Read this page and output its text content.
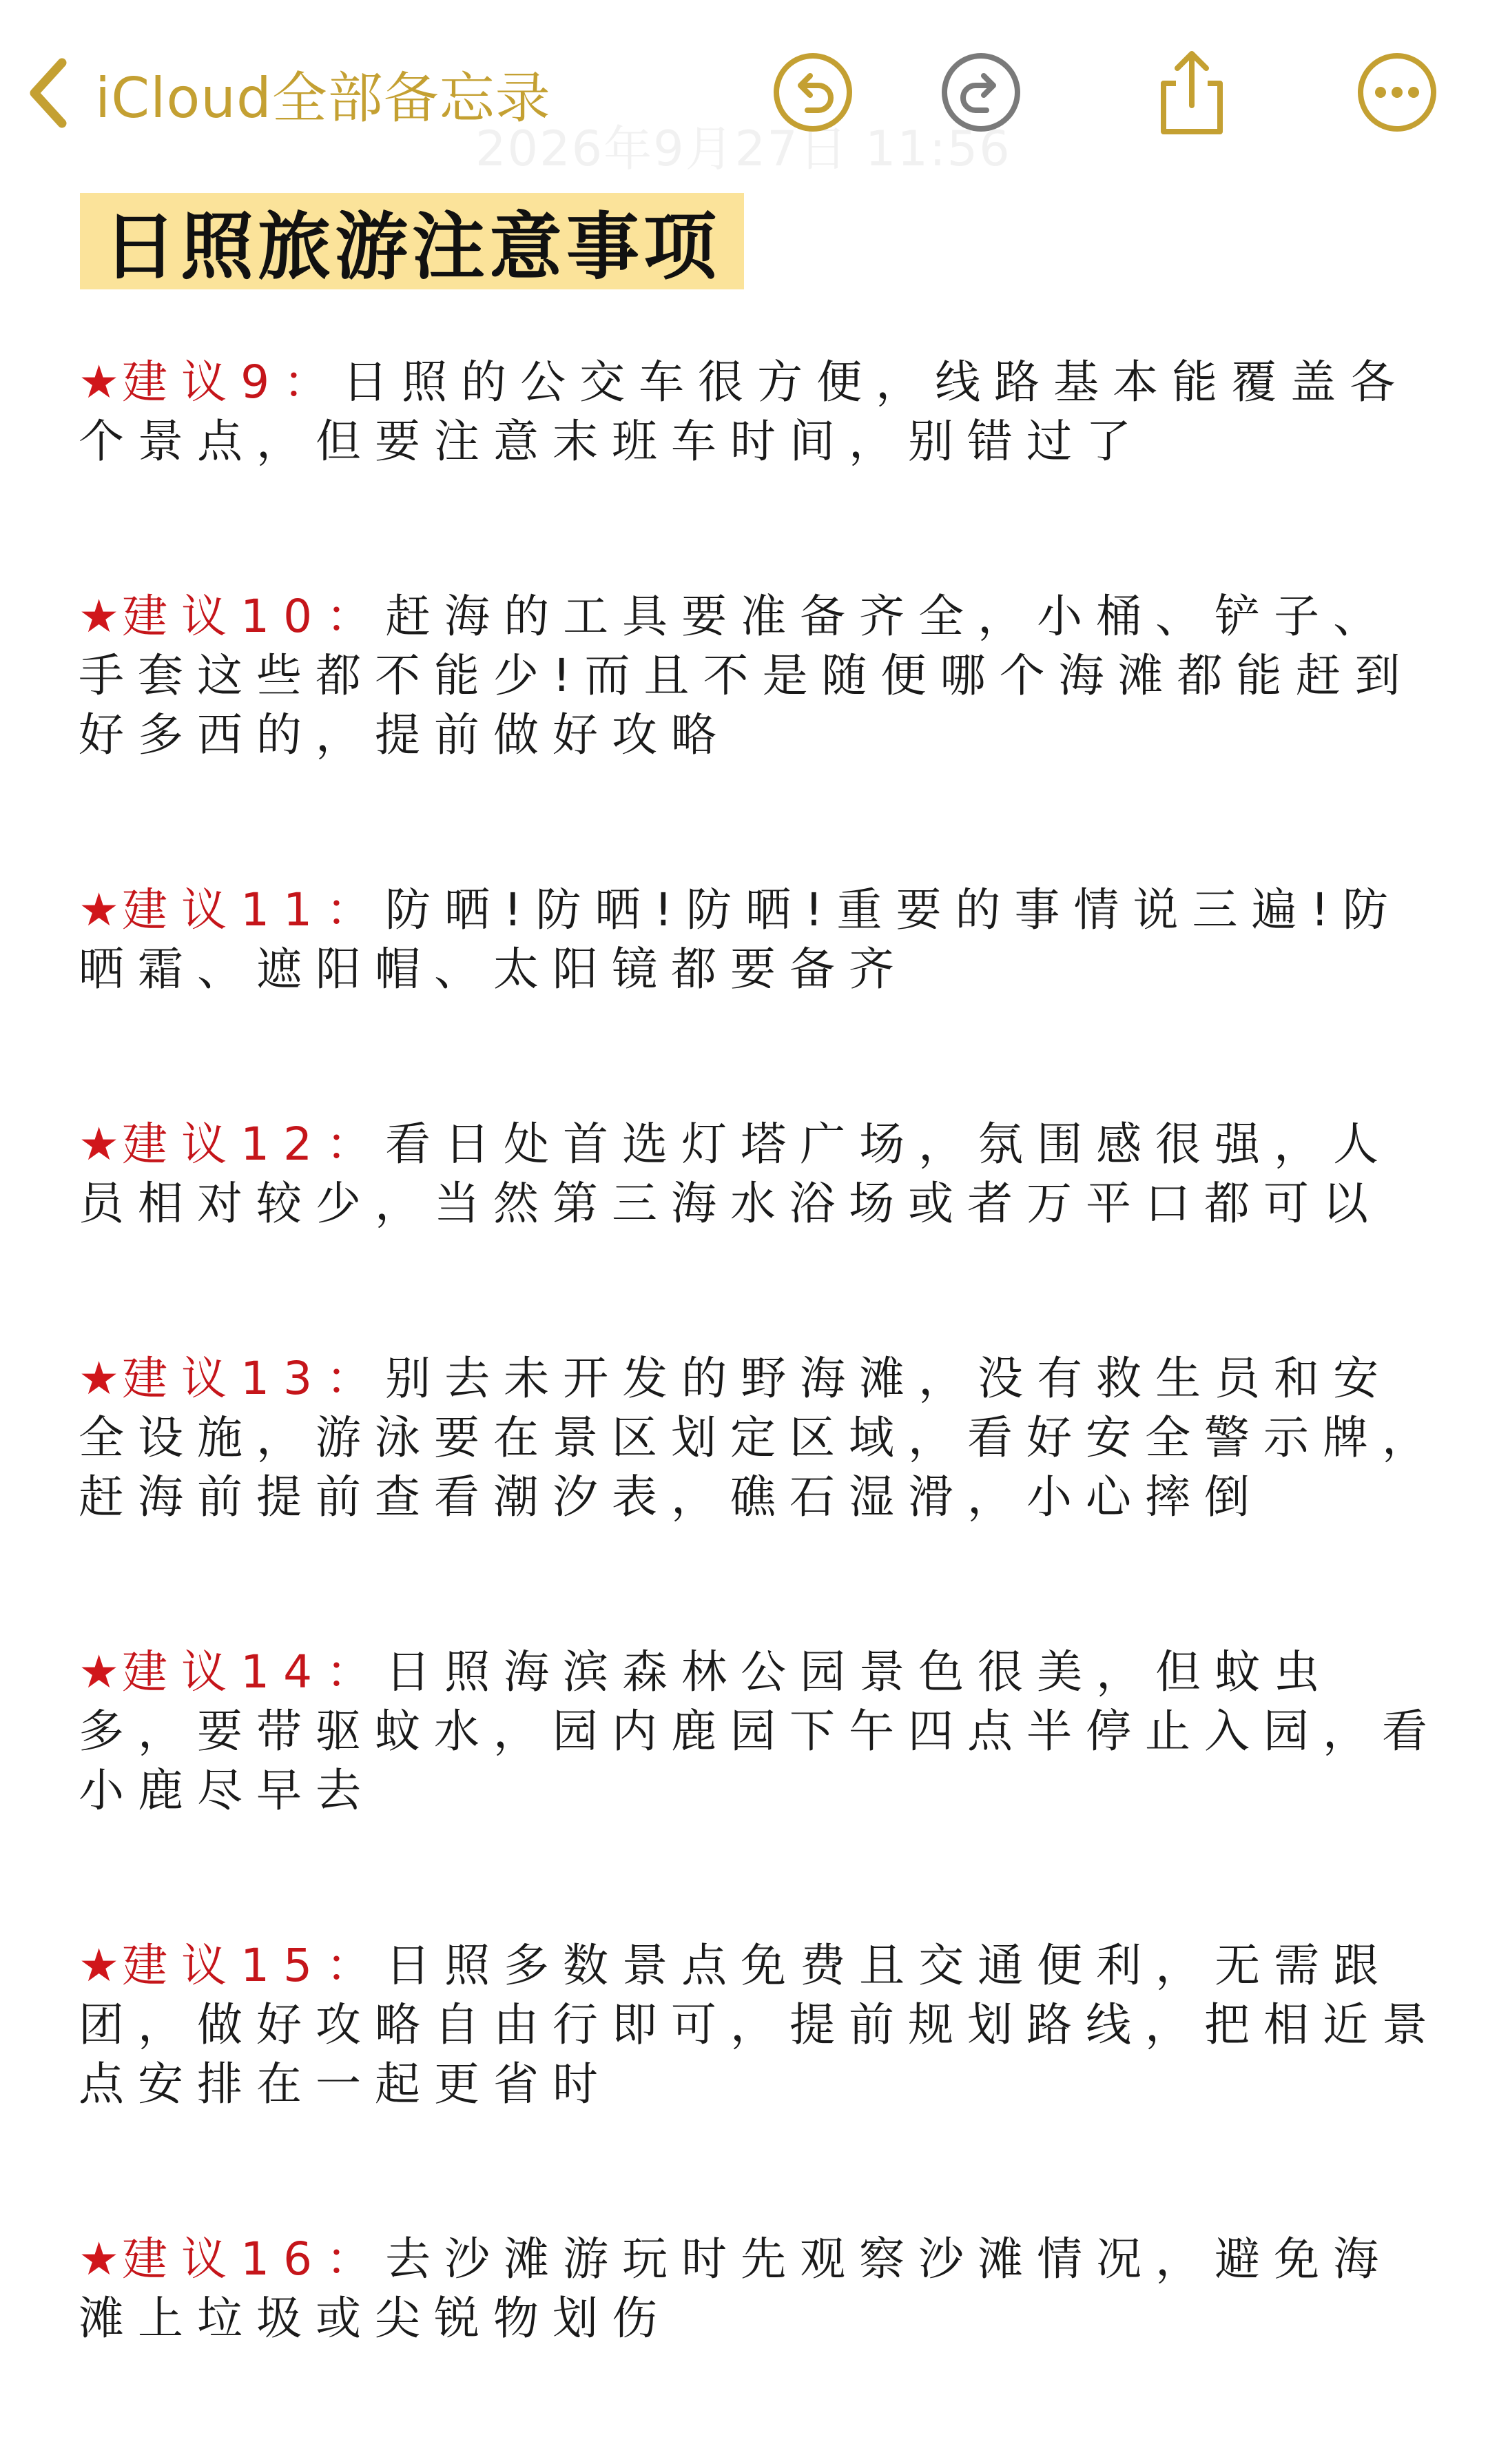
iCloud全部备忘录
2026年9月27日 11:56
日照旅游注意事项

★建议9：日照的公交车很方便，线路基本能覆盖各个景点，但要注意末班车时间，别错过了

★建议10：赶海的工具要准备齐全，小桶、铲子、手套这些都不能少!而且不是随便哪个海滩都能赶到好多西的，提前做好攻略

★建议11：防晒!防晒!防晒!重要的事情说三遍!防晒霜、遮阳帽、太阳镜都要备齐

★建议12：看日处首选灯塔广场，氛围感很强，人员相对较少，当然第三海水浴场或者万平口都可以

★建议13：别去未开发的野海滩，没有救生员和安全设施，游泳要在景区划定区域，看好安全警示牌，赶海前提前查看潮汐表，礁石湿滑，小心摔倒

★建议14：日照海滨森林公园景色很美，但蚊虫多，要带驱蚊水，园内鹿园下午四点半停止入园，看小鹿尽早去

★建议15：日照多数景点免费且交通便利，无需跟团，做好攻略自由行即可，提前规划路线，把相近景点安排在一起更省时

★建议16：去沙滩游玩时先观察沙滩情况，避免海滩上垃圾或尖锐物划伤
